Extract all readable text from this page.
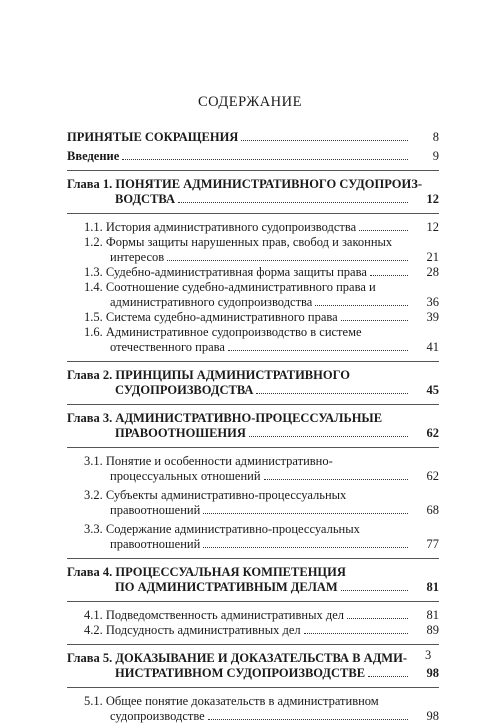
СОДЕРЖАНИЕ
ПРИНЯТЫЕ СОКРАЩЕНИЯ	8
Введение	9
Глава 1. ПОНЯТИЕ АДМИНИСТРАТИВНОГО СУДОПРОИЗ-
ВОДСТВА	12
1.1. История административного судопроизводства	12
1.2. Формы защиты нарушенных прав, свобод и законных
интересов	21
1.3. Судебно-административная форма защиты права	28
1.4. Соотношение судебно-административного права и
административного судопроизводства	36
1.5. Система судебно-административного права	39
1.6. Административное судопроизводство в системе
отечественного права	41
Глава 2. ПРИНЦИПЫ АДМИНИСТРАТИВНОГО
СУДОПРОИЗВОДСТВА	45
Глава 3. АДМИНИСТРАТИВНО-ПРОЦЕССУАЛЬНЫЕ
ПРАВООТНОШЕНИЯ	62
3.1. Понятие и особенности административно-
процессуальных отношений	62
3.2. Субъекты административно-процессуальных
правоотношений	68
3.3. Содержание административно-процессуальных
правоотношений	77
Глава 4. ПРОЦЕССУАЛЬНАЯ КОМПЕТЕНЦИЯ
ПО АДМИНИСТРАТИВНЫМ ДЕЛАМ	81
4.1. Подведомственность административных дел	81
4.2. Подсудность административных дел	89
Глава 5. ДОКАЗЫВАНИЕ И ДОКАЗАТЕЛЬСТВА В АДМИ-
НИСТРАТИВНОМ СУДОПРОИЗВОДСТВЕ	98
5.1. Общее понятие доказательств в административном
судопроизводстве	98
3
